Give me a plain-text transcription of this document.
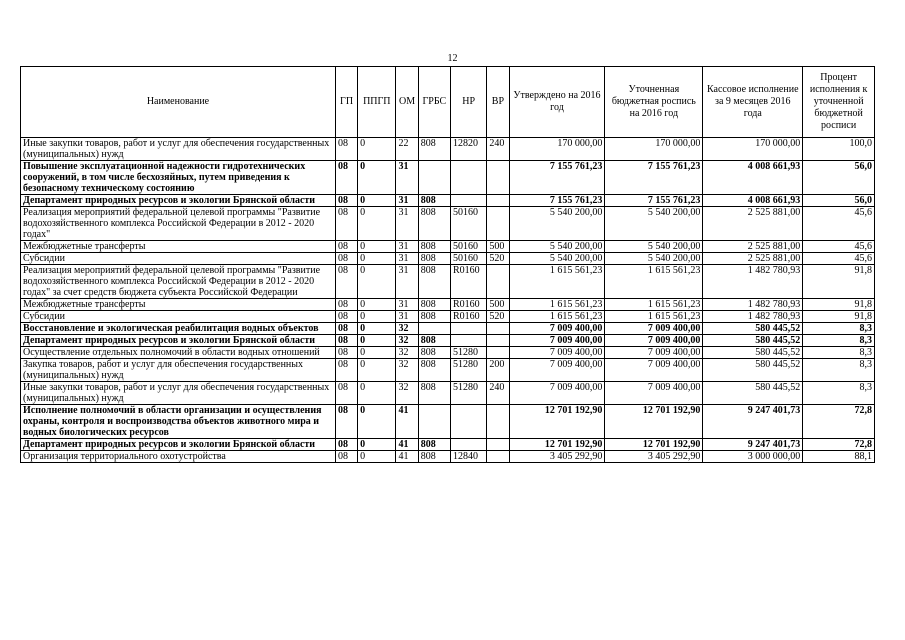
12
Наименование	ГП	ППГП	ОМ	ГРБС	НР	ВР	Утверждено на 2016 год	Уточненная бюджетная роспись на 2016 год	Кассовое исполнение за 9 месяцев 2016 года	Процент исполнения к уточненной бюджетной росписи
Иные закупки товаров, работ и услуг для обеспечения государственных (муниципальных) нужд	08	0	22	808	12820	240	170 000,00	170 000,00	170 000,00	100,0
Повышение эксплуатационной надежности гидротехнических сооружений, в том числе бесхозяйных, путем приведения к безопасному техническому состоянию	08	0	31				7 155 761,23	7 155 761,23	4 008 661,93	56,0
Департамент природных ресурсов и экологии Брянской области	08	0	31	808			7 155 761,23	7 155 761,23	4 008 661,93	56,0
Реализация мероприятий федеральной целевой программы "Развитие водохозяйственного комплекса Российской Федерации в 2012 - 2020 годах"	08	0	31	808	50160		5 540 200,00	5 540 200,00	2 525 881,00	45,6
Межбюджетные трансферты	08	0	31	808	50160	500	5 540 200,00	5 540 200,00	2 525 881,00	45,6
Субсидии	08	0	31	808	50160	520	5 540 200,00	5 540 200,00	2 525 881,00	45,6
Реализация мероприятий федеральной целевой программы "Развитие водохозяйственного комплекса Российской Федерации в 2012 - 2020 годах" за счет средств бюджета субъекта Российской Федерации	08	0	31	808	R0160		1 615 561,23	1 615 561,23	1 482 780,93	91,8
Межбюджетные трансферты	08	0	31	808	R0160	500	1 615 561,23	1 615 561,23	1 482 780,93	91,8
Субсидии	08	0	31	808	R0160	520	1 615 561,23	1 615 561,23	1 482 780,93	91,8
Восстановление и экологическая реабилитация водных объектов	08	0	32				7 009 400,00	7 009 400,00	580 445,52	8,3
Департамент природных ресурсов и экологии Брянской области	08	0	32	808			7 009 400,00	7 009 400,00	580 445,52	8,3
Осуществление отдельных полномочий в области водных отношений	08	0	32	808	51280		7 009 400,00	7 009 400,00	580 445,52	8,3
Закупка товаров, работ и услуг для обеспечения государственных (муниципальных) нужд	08	0	32	808	51280	200	7 009 400,00	7 009 400,00	580 445,52	8,3
Иные закупки товаров, работ и услуг для обеспечения государственных (муниципальных) нужд	08	0	32	808	51280	240	7 009 400,00	7 009 400,00	580 445,52	8,3
Исполнение полномочий в области организации и осуществления охраны, контроля и воспроизводства объектов животного мира и водных биологических ресурсов	08	0	41				12 701 192,90	12 701 192,90	9 247 401,73	72,8
Департамент природных ресурсов и экологии Брянской области	08	0	41	808			12 701 192,90	12 701 192,90	9 247 401,73	72,8
Организация территориального охотустройства	08	0	41	808	12840		3 405 292,90	3 405 292,90	3 000 000,00	88,1
